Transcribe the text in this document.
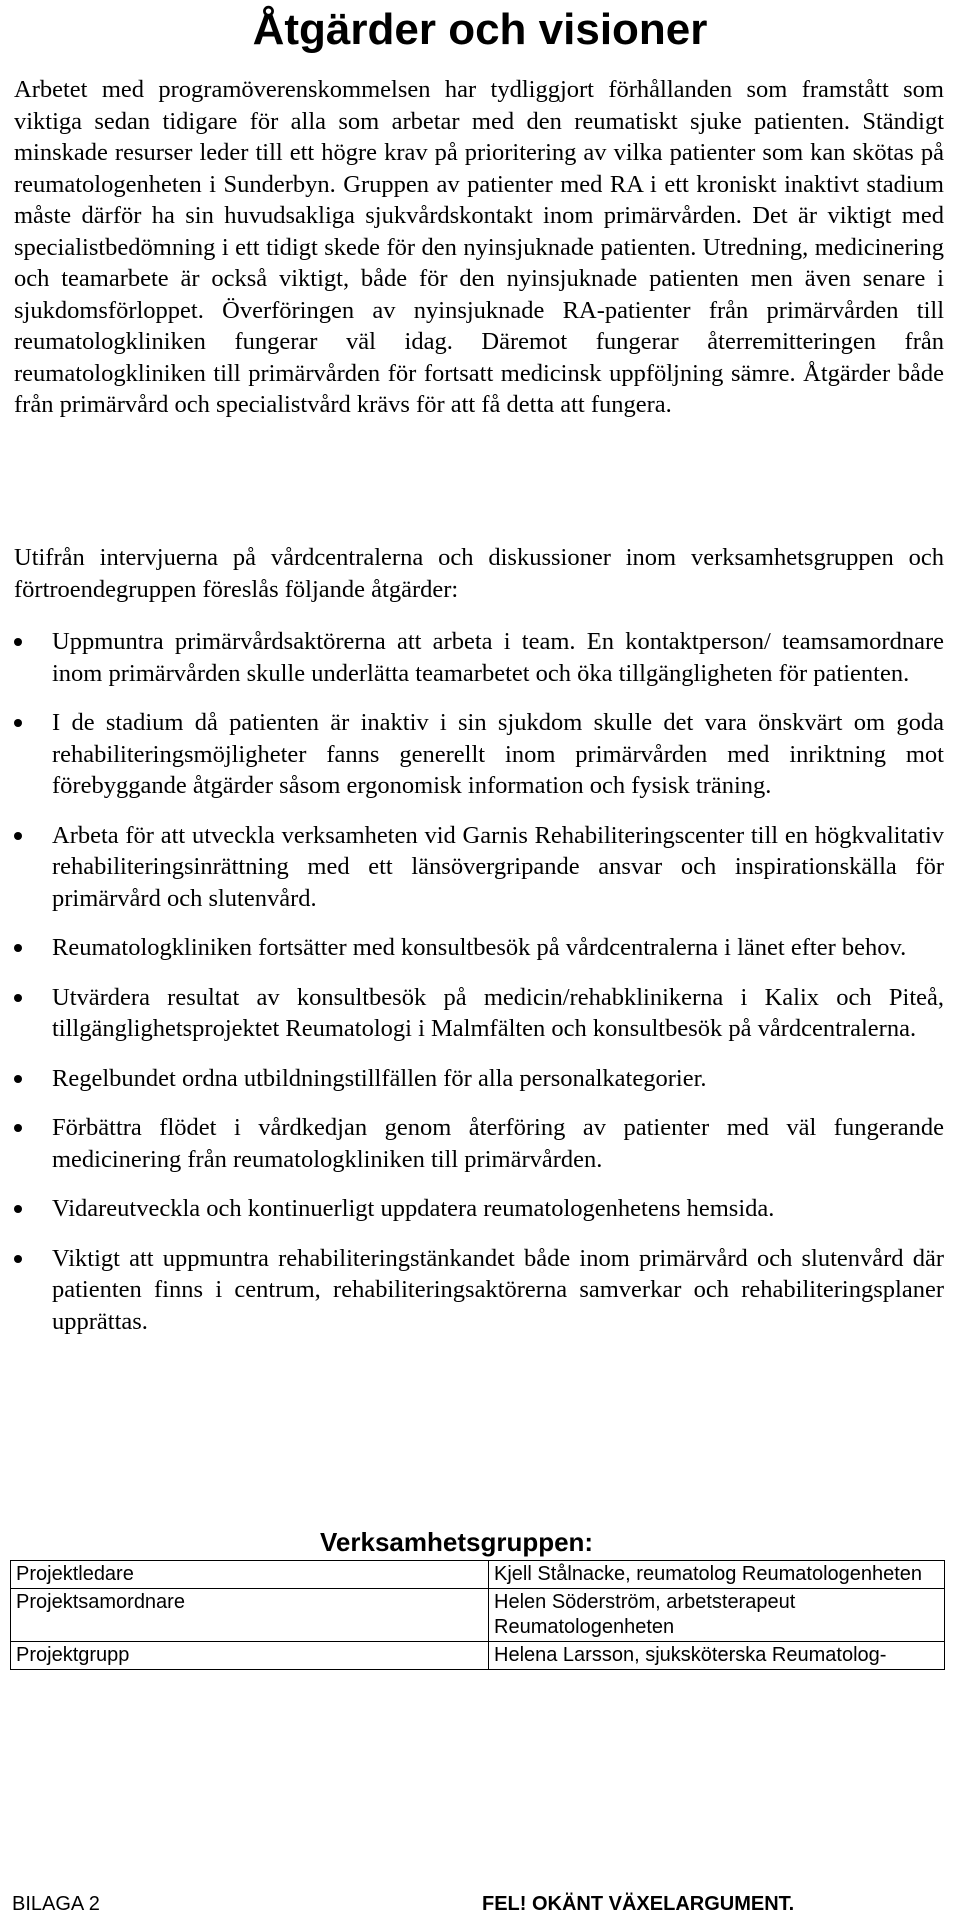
Åtgärder och visioner

Arbetet med programöverenskommelsen har tydliggjort förhållanden som framstått som viktiga sedan tidigare för alla som arbetar med den reumatiskt sjuke patienten. Ständigt minskade resurser leder till ett högre krav på prioritering av vilka patienter som kan skötas på reumatologenheten i Sunderbyn. Gruppen av patienter med RA i ett kroniskt inaktivt stadium måste därför ha sin huvudsakliga sjukvårdskontakt inom primärvården. Det är viktigt med specialistbedömning i ett tidigt skede för den nyinsjuknade patienten. Utredning, medicinering och teamarbete är också viktigt, både för den nyinsjuknade patienten men även senare i sjukdomsförloppet. Överföringen av nyinsjuknade RA-patienter från primärvården till reumatologkliniken fungerar väl idag. Däremot fungerar återremitteringen från reumatologkliniken till primärvården för fortsatt medicinsk uppföljning sämre. Åtgärder både från primärvård och specialistvård krävs för att få detta att fungera.

Utifrån intervjuerna på vårdcentralerna och diskussioner inom verksamhetsgruppen och förtroendegruppen föreslås följande åtgärder:

Uppmuntra primärvårdsaktörerna att arbeta i team. En kontaktperson/ teamsamordnare inom primärvården skulle underlätta teamarbetet och öka tillgängligheten för patienten.
I de stadium då patienten är inaktiv i sin sjukdom skulle det vara önskvärt om goda rehabiliteringsmöjligheter fanns generellt inom primärvården med inriktning mot förebyggande åtgärder såsom ergonomisk information och fysisk träning.
Arbeta för att utveckla verksamheten vid Garnis Rehabiliteringscenter till en högkvalitativ rehabiliteringsinrättning med ett länsövergripande ansvar och inspirationskälla för primärvård och slutenvård.
Reumatologkliniken fortsätter med konsultbesök på vårdcentralerna i länet efter behov.
Utvärdera resultat av konsultbesök på medicin/rehabklinikerna i Kalix och Piteå, tillgänglighetsprojektet Reumatologi i Malmfälten och konsultbesök på vårdcentralerna.
Regelbundet ordna utbildningstillfällen för alla personalkategorier.
Förbättra flödet i vårdkedjan genom återföring av patienter med väl fungerande medicinering från reumatologkliniken till primärvården.
Vidareutveckla och kontinuerligt uppdatera reumatologenhetens hemsida.
Viktigt att uppmuntra rehabiliteringstänkandet både inom primärvård och slutenvård där patienten finns i centrum, rehabiliteringsaktörerna samverkar och rehabiliteringsplaner upprättas.

Verksamhetsgruppen:

Projektledare	Kjell Stålnacke, reumatolog Reumatologenheten
Projektsamordnare	Helen Söderström, arbetsterapeut Reumatologenheten
Projektgrupp	Helena Larsson, sjuksköterska Reumatolog-

BILAGA 2	FEL! OKÄNT VÄXELARGUMENT.
